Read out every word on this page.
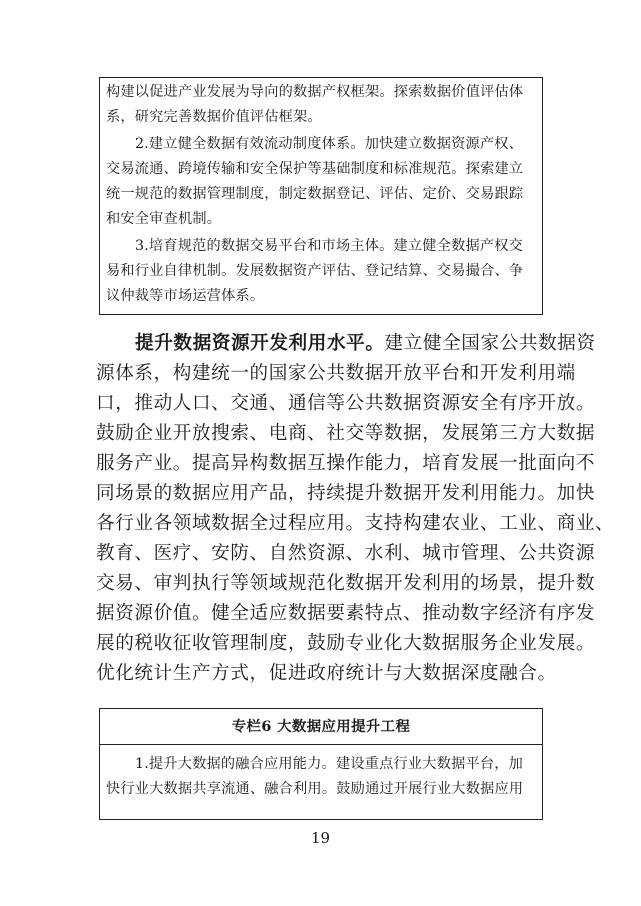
构建以促进产业发展为导向的数据产权框架。探索数据价值评估体
系，研究完善数据价值评估框架。
2.建立健全数据有效流动制度体系。加快建立数据资源产权、
交易流通、跨境传输和安全保护等基础制度和标准规范。探索建立
统一规范的数据管理制度，制定数据登记、评估、定价、交易跟踪
和安全审查机制。
3.培育规范的数据交易平台和市场主体。建立健全数据产权交
易和行业自律机制。发展数据资产评估、登记结算、交易撮合、争
议仲裁等市场运营体系。
提升数据资源开发利用水平。建立健全国家公共数据资
源体系，构建统一的国家公共数据开放平台和开发利用端
口，推动人口、交通、通信等公共数据资源安全有序开放。
鼓励企业开放搜索、电商、社交等数据，发展第三方大数据
服务产业。提高异构数据互操作能力，培育发展一批面向不
同场景的数据应用产品，持续提升数据开发利用能力。加快
各行业各领域数据全过程应用。支持构建农业、工业、商业、
教育、医疗、安防、自然资源、水利、城市管理、公共资源
交易、审判执行等领域规范化数据开发利用的场景，提升数
据资源价值。健全适应数据要素特点、推动数字经济有序发
展的税收征收管理制度，鼓励专业化大数据服务企业发展。
优化统计生产方式，促进政府统计与大数据深度融合。
专栏6 大数据应用提升工程
1.提升大数据的融合应用能力。建设重点行业大数据平台，加
快行业大数据共享流通、融合利用。鼓励通过开展行业大数据应用
19
